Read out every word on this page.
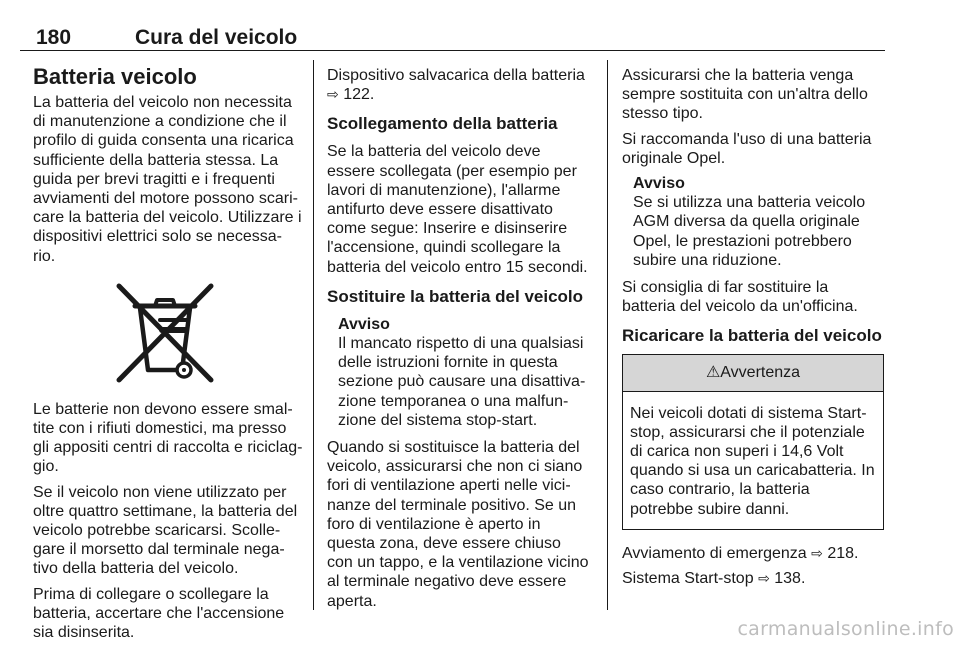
180	Cura del veicolo
Batteria veicolo

La batteria del veicolo non necessita di manutenzione a condizione che il profilo di guida consenta una ricarica sufficiente della batteria stessa. La guida per brevi tragitti e i frequenti avviamenti del motore possono scari-care la batteria del veicolo. Utilizzare i dispositivi elettrici solo se necessa-rio.

Le batterie non devono essere smal-tite con i rifiuti domestici, ma presso gli appositi centri di raccolta e riciclag-gio.

Se il veicolo non viene utilizzato per oltre quattro settimane, la batteria del veicolo potrebbe scaricarsi. Scolle-gare il morsetto dal terminale nega-tivo della batteria del veicolo.

Prima di collegare o scollegare la batteria, accertare che l'accensione sia disinserita.

Dispositivo salvacarica della batteria ⇨ 122.

Scollegamento della batteria

Se la batteria del veicolo deve essere scollegata (per esempio per lavori di manutenzione), l'allarme antifurto deve essere disattivato come segue: Inserire e disinserire l'accensione, quindi scollegare la batteria del veicolo entro 15 secondi.

Sostituire la batteria del veicolo
Avviso
Il mancato rispetto di una qualsiasi delle istruzioni fornite in questa sezione può causare una disattiva-zione temporanea o una malfun-zione del sistema stop-start.

Quando si sostituisce la batteria del veicolo, assicurarsi che non ci siano fori di ventilazione aperti nelle vici-nanze del terminale positivo. Se un foro di ventilazione è aperto in questa zona, deve essere chiuso con un tappo, e la ventilazione vicino al terminale negativo deve essere aperta.

Assicurarsi che la batteria venga sempre sostituita con un'altra dello stesso tipo.

Si raccomanda l'uso di una batteria originale Opel.

Avviso
Se si utilizza una batteria veicolo AGM diversa da quella originale Opel, le prestazioni potrebbero subire una riduzione.

Si consiglia di far sostituire la batteria del veicolo da un'officina.

Ricaricare la batteria del veicolo
⚠Avvertenza
Nei veicoli dotati di sistema Start-stop, assicurarsi che il potenziale di carica non superi i 14,6 Volt quando si usa un caricabatteria. In caso contrario, la batteria potrebbe subire danni.

Avviamento di emergenza ⇨ 218.

Sistema Start-stop ⇨ 138.

carmanualsonline.info
